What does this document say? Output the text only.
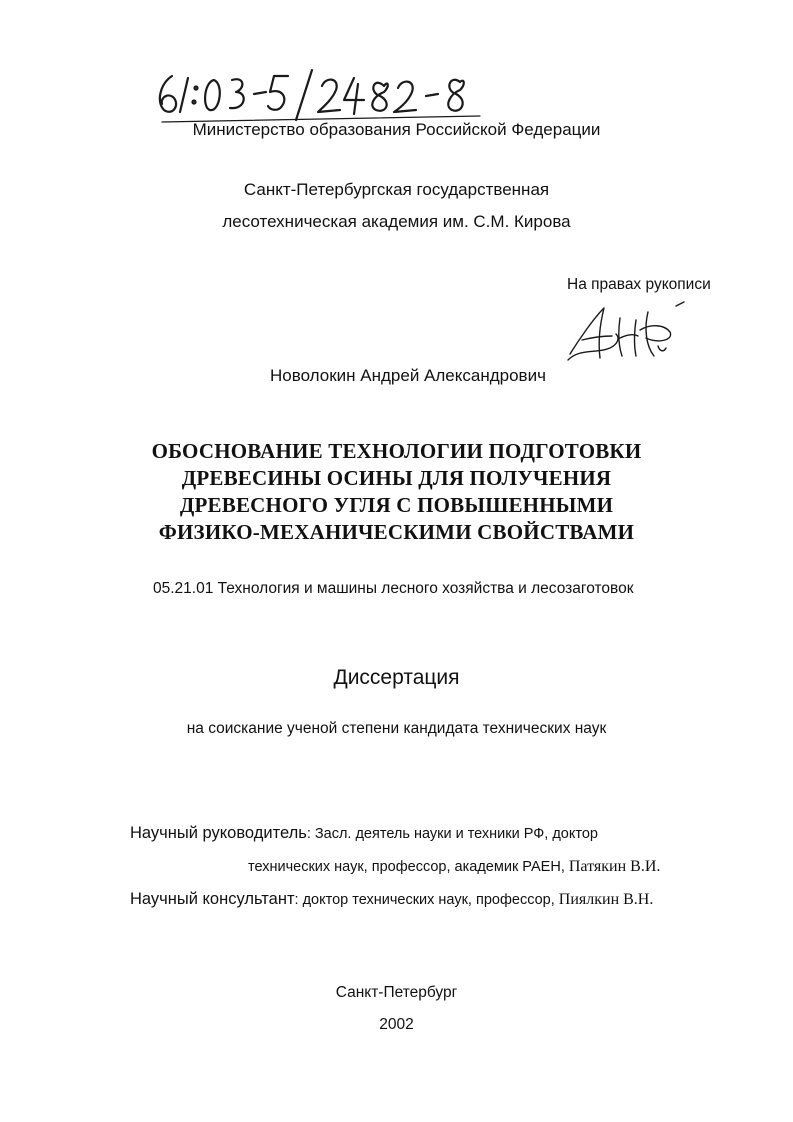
61:03-5/2482-8
Министерство образования Российской Федерации
Санкт-Петербургская государственная
лесотехническая академия им. С.М. Кирова
На правах рукописи
АНф
Новолокин Андрей Александрович
ОБОСНОВАНИЕ ТЕХНОЛОГИИ ПОДГОТОВКИ
ДРЕВЕСИНЫ ОСИНЫ ДЛЯ ПОЛУЧЕНИЯ
ДРЕВЕСНОГО УГЛЯ С ПОВЫШЕННЫМИ
ФИЗИКО-МЕХАНИЧЕСКИМИ СВОЙСТВАМИ
05.21.01 Технология и машины лесного хозяйства и лесозаготовок
Диссертация
на соискание ученой степени кандидата технических наук
Научный руководитель: Засл. деятель науки и техники РФ, доктор
технических наук, профессор, академик РАЕН, Патякин В.И.
Научный консультант: доктор технических наук, профессор, Пиялкин В.Н.
Санкт-Петербург
2002
